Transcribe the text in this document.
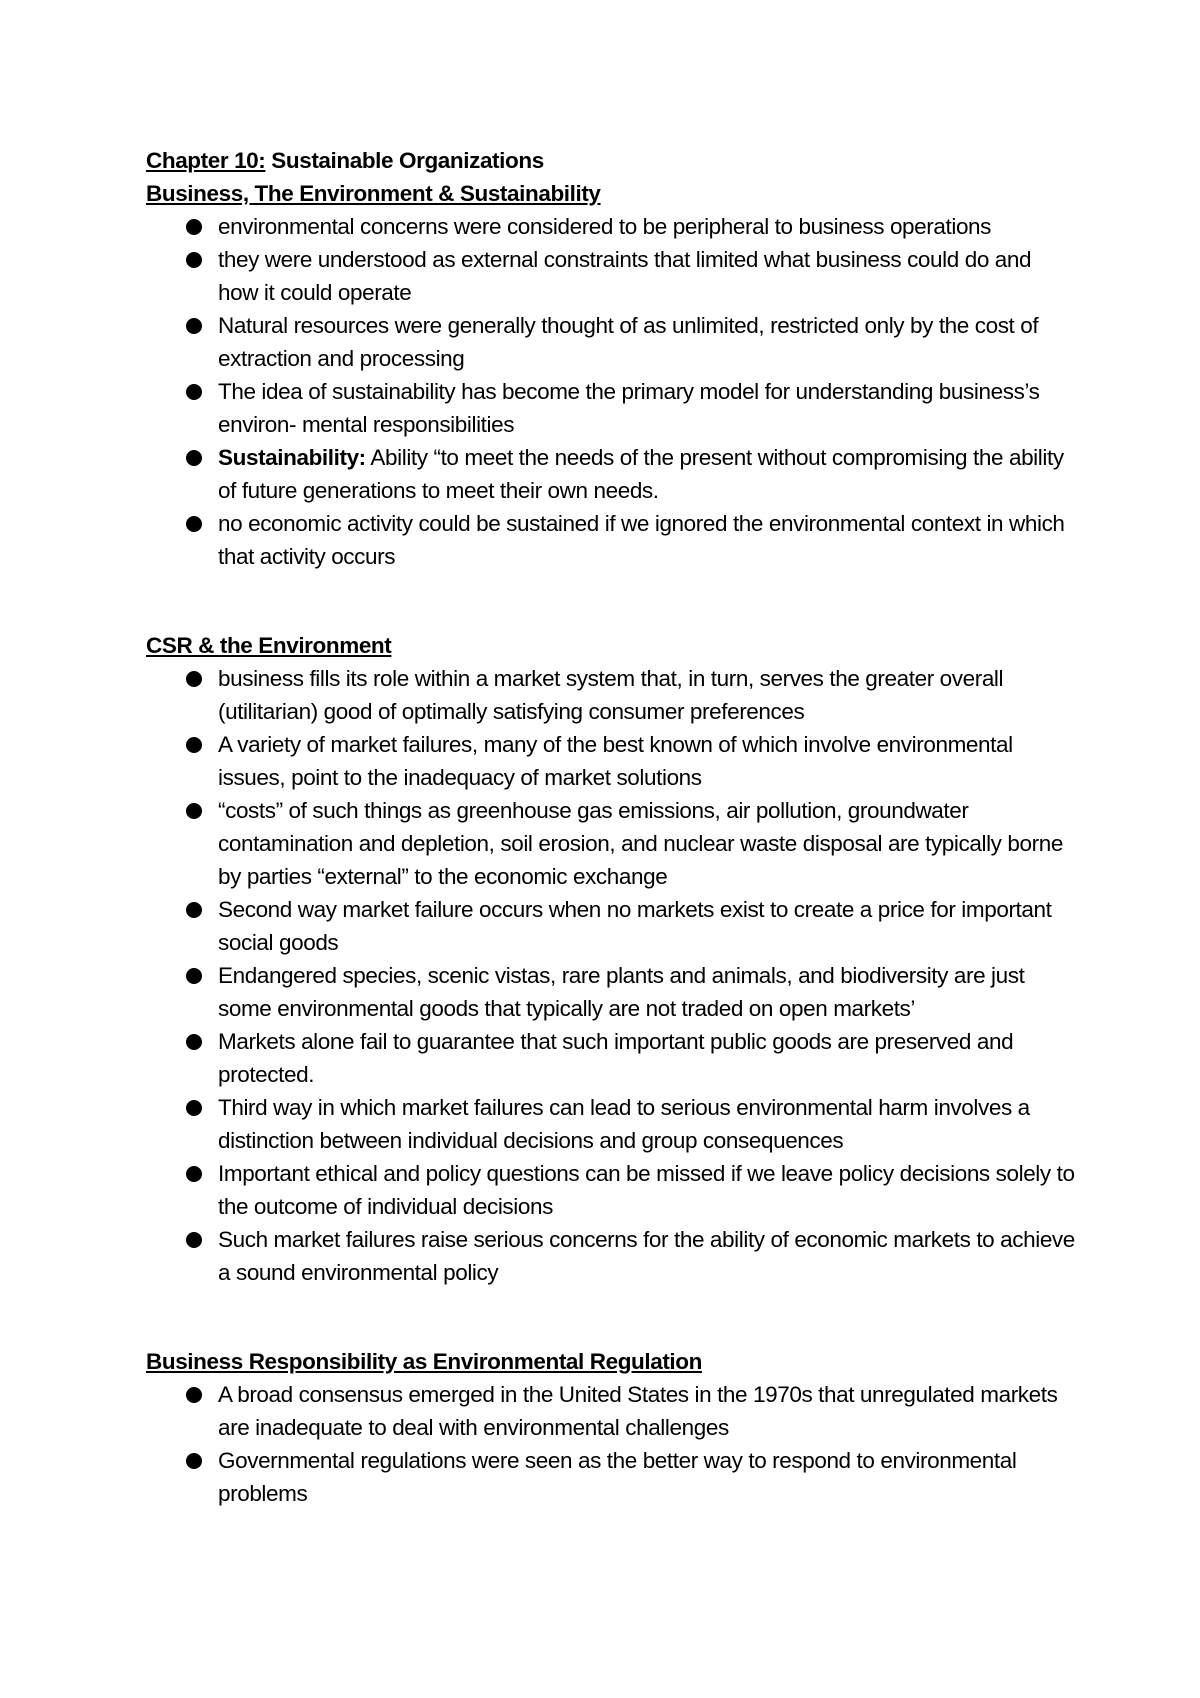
Chapter 10: Sustainable Organizations
Business, The Environment & Sustainability
environmental concerns were considered to be peripheral to business operations
they were understood as external constraints that limited what business could do and how it could operate
Natural resources were generally thought of as unlimited, restricted only by the cost of extraction and processing
The idea of sustainability has become the primary model for understanding business’s environ- mental responsibilities
Sustainability: Ability “to meet the needs of the present without compromising the ability of future generations to meet their own needs.
no economic activity could be sustained if we ignored the environmental context in which that activity occurs
CSR & the Environment
business fills its role within a market system that, in turn, serves the greater overall (utilitarian) good of optimally satisfying consumer preferences
A variety of market failures, many of the best known of which involve environmental issues, point to the inadequacy of market solutions
“costs” of such things as greenhouse gas emissions, air pollution, groundwater contamination and depletion, soil erosion, and nuclear waste disposal are typically borne by parties “external” to the economic exchange
Second way market failure occurs when no markets exist to create a price for important social goods
Endangered species, scenic vistas, rare plants and animals, and biodiversity are just some environmental goods that typically are not traded on open markets’
Markets alone fail to guarantee that such important public goods are preserved and protected.
Third way in which market failures can lead to serious environmental harm involves a distinction between individual decisions and group consequences
Important ethical and policy questions can be missed if we leave policy decisions solely to the outcome of individual decisions
Such market failures raise serious concerns for the ability of economic markets to achieve a sound environmental policy
Business Responsibility as Environmental Regulation
A broad consensus emerged in the United States in the 1970s that unregulated markets are inadequate to deal with environmental challenges
Governmental regulations were seen as the better way to respond to environmental problems
